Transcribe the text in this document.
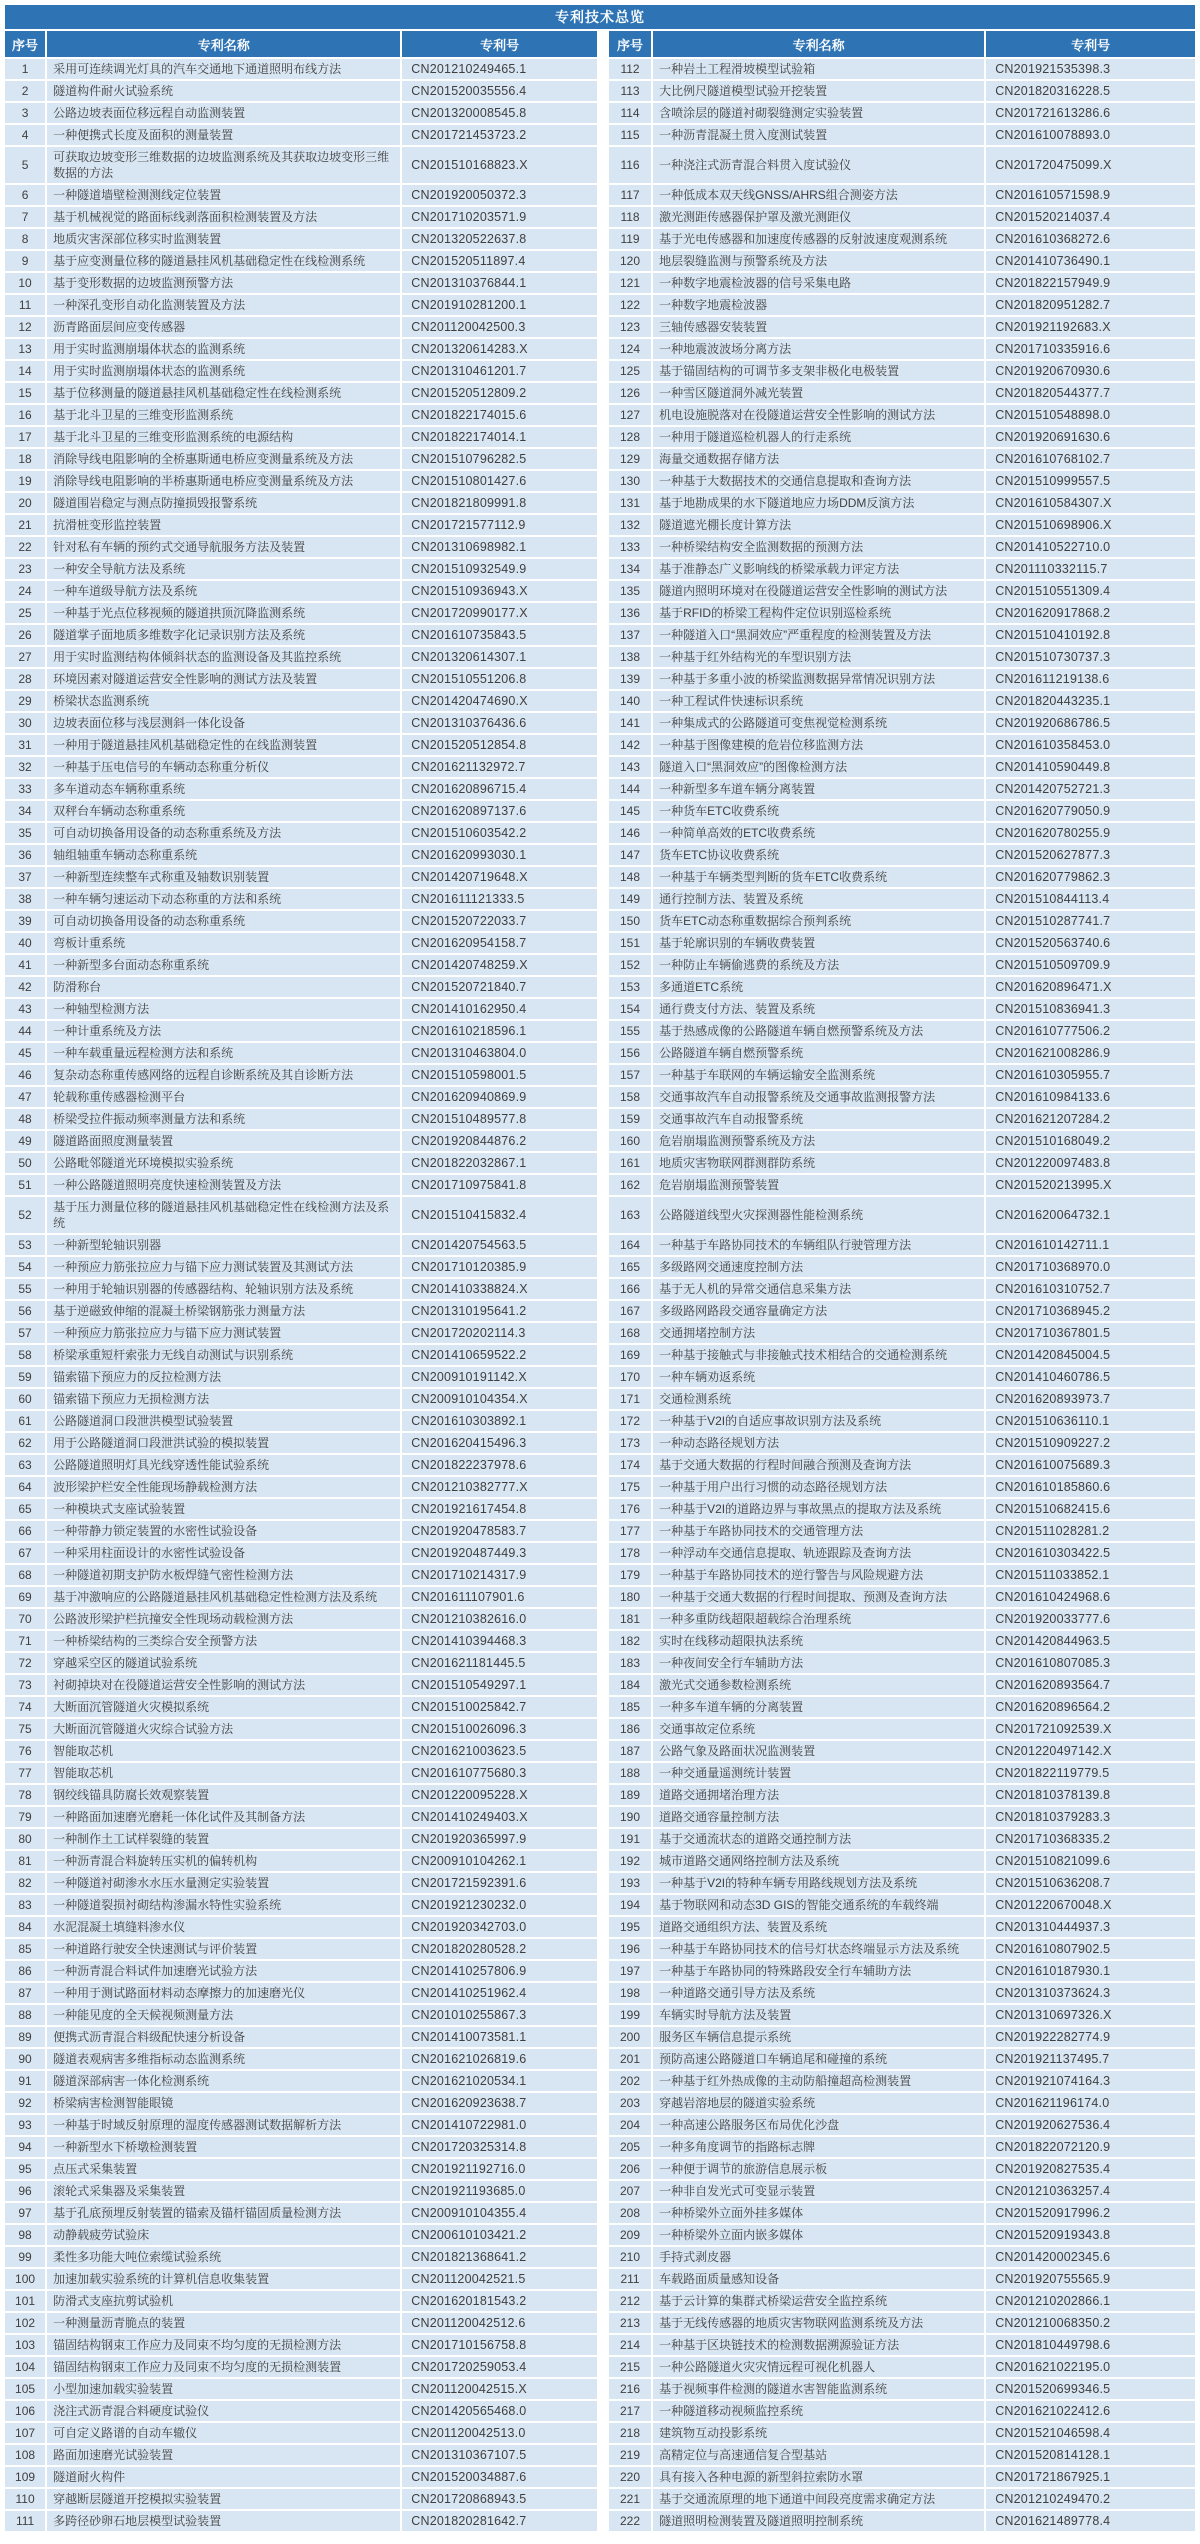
专利技术总览						
序号	专利名称	专利号		序号	专利名称	专利号
1	采用可连续调光灯具的汽车交通地下通道照明布线方法	CN201210249465.1		112	一种岩土工程滑坡模型试验箱	CN201921535398.3
2	隧道构件耐火试验系统	CN201520035556.4		113	大比例尺隧道模型试验开挖装置	CN201820316228.5
3	公路边坡表面位移远程自动监测装置	CN201320008545.8		114	含喷涂层的隧道衬砌裂缝测定实验装置	CN201721613286.6
4	一种便携式长度及面积的测量装置	CN201721453723.2		115	一种沥青混凝土贯入度测试装置	CN201610078893.0
5	可获取边坡变形三维数据的边坡监测系统及其获取边坡变形三维数据的方法	CN201510168823.X		116	一种浇注式沥青混合料贯入度试验仪	CN201720475099.X
6	一种隧道墙壁检测测线定位装置	CN201920050372.3		117	一种低成本双天线GNSS/AHRS组合测姿方法	CN201610571598.9
7	基于机械视觉的路面标线剥落面积检测装置及方法	CN201710203571.9		118	激光测距传感器保护罩及激光测距仪	CN201520214037.4
8	地质灾害深部位移实时监测装置	CN201320522637.8		119	基于光电传感器和加速度传感器的反射波速度观测系统	CN201610368272.6
9	基于应变测量位移的隧道悬挂风机基础稳定性在线检测系统	CN201520511897.4		120	地层裂缝监测与预警系统及方法	CN201410736490.1
10	基于变形数据的边坡监测预警方法	CN201310376844.1		121	一种数字地震检波器的信号采集电路	CN201822157949.9
11	一种深孔变形自动化监测装置及方法	CN201910281200.1		122	一种数字地震检波器	CN201820951282.7
12	沥青路面层间应变传感器	CN201120042500.3		123	三轴传感器安装装置	CN201921192683.X
13	用于实时监测崩塌体状态的监测系统	CN201320614283.X		124	一种地震波波场分离方法	CN201710335916.6
14	用于实时监测崩塌体状态的监测系统	CN201310461201.7		125	基于锚固结构的可调节多支架非极化电极装置	CN201920670930.6
15	基于位移测量的隧道悬挂风机基础稳定性在线检测系统	CN201520512809.2		126	一种雪区隧道洞外减光装置	CN201820544377.7
16	基于北斗卫星的三维变形监测系统	CN201822174015.6		127	机电设施脱落对在役隧道运营安全性影响的测试方法	CN201510548898.0
17	基于北斗卫星的三维变形监测系统的电源结构	CN201822174014.1		128	一种用于隧道巡检机器人的行走系统	CN201920691630.6
18	消除导线电阻影响的全桥惠斯通电桥应变测量系统及方法	CN201510796282.5		129	海量交通数据存储方法	CN201610768102.7
19	消除导线电阻影响的半桥惠斯通电桥应变测量系统及方法	CN201510801427.6		130	一种基于大数据技术的交通信息提取和查询方法	CN201510999557.5
20	隧道围岩稳定与测点防撞损毁报警系统	CN201821809991.8		131	基于地勘成果的水下隧道地应力场DDM反演方法	CN201610584307.X
21	抗滑桩变形监控装置	CN201721577112.9		132	隧道遮光棚长度计算方法	CN201510698906.X
22	针对私有车辆的预约式交通导航服务方法及装置	CN201310698982.1		133	一种桥梁结构安全监测数据的预测方法	CN201410522710.0
23	一种安全导航方法及系统	CN201510932549.9		134	基于准静态广义影响线的桥梁承载力评定方法	CN201110332115.7
24	一种车道级导航方法及系统	CN201510936943.X		135	隧道内照明环境对在役隧道运营安全性影响的测试方法	CN201510551309.4
25	一种基于光点位移视频的隧道拱顶沉降监测系统	CN201720990177.X		136	基于RFID的桥梁工程构件定位识别巡检系统	CN201620917868.2
26	隧道掌子面地质多维数字化记录识别方法及系统	CN201610735843.5		137	一种隧道入口“黑洞效应”严重程度的检测装置及方法	CN201510410192.8
27	用于实时监测结构体倾斜状态的监测设备及其监控系统	CN201320614307.1		138	一种基于红外结构光的车型识别方法	CN201510730737.3
28	环境因素对隧道运营安全性影响的测试方法及装置	CN201510551206.8		139	一种基于多重小波的桥梁监测数据异常情况识别方法	CN201611219138.6
29	桥梁状态监测系统	CN201420474690.X		140	一种工程试件快速标识系统	CN201820443235.1
30	边坡表面位移与浅层测斜一体化设备	CN201310376436.6		141	一种集成式的公路隧道可变焦视觉检测系统	CN201920686786.5
31	一种用于隧道悬挂风机基础稳定性的在线监测装置	CN201520512854.8		142	一种基于图像建模的危岩位移监测方法	CN201610358453.0
32	一种基于压电信号的车辆动态称重分析仪	CN201621132972.7		143	隧道入口“黑洞效应”的图像检测方法	CN201410590449.8
33	多车道动态车辆称重系统	CN201620896715.4		144	一种新型多车道车辆分离装置	CN201420752721.3
34	双秤台车辆动态称重系统	CN201620897137.6		145	一种货车ETC收费系统	CN201620779050.9
35	可自动切换备用设备的动态称重系统及方法	CN201510603542.2		146	一种简单高效的ETC收费系统	CN201620780255.9
36	轴组轴重车辆动态称重系统	CN201620993030.1		147	货车ETC协议收费系统	CN201520627877.3
37	一种新型连续整车式称重及轴数识别装置	CN201420719648.X		148	一种基于车辆类型判断的货车ETC收费系统	CN201620779862.3
38	一种车辆匀速运动下动态称重的方法和系统	CN201611121333.5		149	通行控制方法、装置及系统	CN201510844113.4
39	可自动切换备用设备的动态称重系统	CN201520722033.7		150	货车ETC动态称重数据综合预判系统	CN201510287741.7
40	弯板计重系统	CN201620954158.7		151	基于轮廓识别的车辆收费装置	CN201520563740.6
41	一种新型多台面动态称重系统	CN201420748259.X		152	一种防止车辆偷逃费的系统及方法	CN201510509709.9
42	防滑称台	CN201520721840.7		153	多通道ETC系统	CN201620896471.X
43	一种轴型检测方法	CN201410162950.4		154	通行费支付方法、装置及系统	CN201510836941.3
44	一种计重系统及方法	CN201610218596.1		155	基于热感成像的公路隧道车辆自燃预警系统及方法	CN201610777506.2
45	一种车载重量远程检测方法和系统	CN201310463804.0		156	公路隧道车辆自燃预警系统	CN201621008286.9
46	复杂动态称重传感网络的远程自诊断系统及其自诊断方法	CN201510598001.5		157	一种基于车联网的车辆运输安全监测系统	CN201610305955.7
47	轮载称重传感器检测平台	CN201620940869.9		158	交通事故汽车自动报警系统及交通事故监测报警方法	CN201610984133.6
48	桥梁受拉件振动频率测量方法和系统	CN201510489577.8		159	交通事故汽车自动报警系统	CN201621207284.2
49	隧道路面照度测量装置	CN201920844876.2		160	危岩崩塌监测预警系统及方法	CN201510168049.2
50	公路毗邻隧道光环境模拟实验系统	CN201822032867.1		161	地质灾害物联网群测群防系统	CN201220097483.8
51	一种公路隧道照明亮度快速检测装置及方法	CN201710975841.8		162	危岩崩塌监测预警装置	CN201520213995.X
52	基于压力测量位移的隧道悬挂风机基础稳定性在线检测方法及系统	CN201510415832.4		163	公路隧道线型火灾探测器性能检测系统	CN201620064732.1
53	一种新型轮轴识别器	CN201420754563.5		164	一种基于车路协同技术的车辆组队行驶管理方法	CN201610142711.1
54	一种预应力筋张拉应力与锚下应力测试装置及其测试方法	CN201710120385.9		165	多级路网交通速度控制方法	CN201710368970.0
55	一种用于轮轴识别器的传感器结构、轮轴识别方法及系统	CN201410338824.X		166	基于无人机的异常交通信息采集方法	CN201610310752.7
56	基于逆磁致伸缩的混凝土桥梁钢筋张力测量方法	CN201310195641.2		167	多级路网路段交通容量确定方法	CN201710368945.2
57	一种预应力筋张拉应力与锚下应力测试装置	CN201720202114.3		168	交通拥堵控制方法	CN201710367801.5
58	桥梁承重短杆索张力无线自动测试与识别系统	CN201410659522.2		169	一种基于接触式与非接触式技术相结合的交通检测系统	CN201420845004.5
59	锚索锚下预应力的反拉检测方法	CN200910191142.X		170	一种车辆劝返系统	CN201410460786.5
60	锚索锚下预应力无损检测方法	CN200910104354.X		171	交通检测系统	CN201620893973.7
61	公路隧道洞口段泄洪模型试验装置	CN201610303892.1		172	一种基于V2I的自适应事故识别方法及系统	CN201510636110.1
62	用于公路隧道洞口段泄洪试验的模拟装置	CN201620415496.3		173	一种动态路径规划方法	CN201510909227.2
63	公路隧道照明灯具光线穿透性能试验系统	CN201822237978.6		174	基于交通大数据的行程时间融合预测及查询方法	CN201610075689.3
64	波形梁护栏安全性能现场静载检测方法	CN201210382777.X		175	一种基于用户出行习惯的动态路径规划方法	CN201610185860.6
65	一种模块式支座试验装置	CN201921617454.8		176	一种基于V2I的道路边界与事故黑点的提取方法及系统	CN201510682415.6
66	一种带静力锁定装置的水密性试验设备	CN201920478583.7		177	一种基于车路协同技术的交通管理方法	CN201511028281.2
67	一种采用柱面设计的水密性试验设备	CN201920487449.3		178	一种浮动车交通信息提取、轨迹跟踪及查询方法	CN201610303422.5
68	一种隧道初期支护防水板焊缝气密性检测方法	CN201710214317.9		179	一种基于车路协同技术的逆行警告与风险规避方法	CN201511033852.1
69	基于冲激响应的公路隧道悬挂风机基础稳定性检测方法及系统	CN201611107901.6		180	一种基于交通大数据的行程时间提取、预测及查询方法	CN201610424968.6
70	公路波形梁护栏抗撞安全性现场动载检测方法	CN201210382616.0		181	一种多重防线超限超载综合治理系统	CN201920033777.6
71	一种桥梁结构的三类综合安全预警方法	CN201410394468.3		182	实时在线移动超限执法系统	CN201420844963.5
72	穿越采空区的隧道试验系统	CN201621181445.5		183	一种夜间安全行车辅助方法	CN201610807085.3
73	衬砌掉块对在役隧道运营安全性影响的测试方法	CN201510549297.1		184	激光式交通参数检测系统	CN201620893564.7
74	大断面沉管隧道火灾模拟系统	CN201510025842.7		185	一种多车道车辆的分离装置	CN201620896564.2
75	大断面沉管隧道火灾综合试验方法	CN201510026096.3		186	交通事故定位系统	CN201721092539.X
76	智能取芯机	CN201621003623.5		187	公路气象及路面状况监测装置	CN201220497142.X
77	智能取芯机	CN201610775680.3		188	一种交通量遥测统计装置	CN201822119779.5
78	钢绞线锚具防腐长效观察装置	CN201220095228.X		189	道路交通拥堵治理方法	CN201810378139.8
79	一种路面加速磨光磨耗一体化试件及其制备方法	CN201410249403.X		190	道路交通容量控制方法	CN201810379283.3
80	一种制作土工试样裂缝的装置	CN201920365997.9		191	基于交通流状态的道路交通控制方法	CN201710368335.2
81	一种沥青混合料旋转压实机的偏转机构	CN200910104262.1		192	城市道路交通网络控制方法及系统	CN201510821099.6
82	一种隧道衬砌渗水水压水量测定实验装置	CN201721592391.6		193	一种基于V2I的特种车辆专用路线规划方法及系统	CN201510636208.7
83	一种隧道裂损衬砌结构渗漏水特性实验系统	CN201921230232.0		194	基于物联网和动态3D GIS的智能交通系统的车载终端	CN201220670048.X
84	水泥混凝土填缝料渗水仪	CN201920342703.0		195	道路交通组织方法、装置及系统	CN201310444937.3
85	一种道路行驶安全快速测试与评价装置	CN201820280528.2		196	一种基于车路协同技术的信号灯状态终端显示方法及系统	CN201610807902.5
86	一种沥青混合料试件加速磨光试验方法	CN201410257806.9		197	一种基于车路协同的特殊路段安全行车辅助方法	CN201610187930.1
87	一种用于测试路面材料动态摩擦力的加速磨光仪	CN201410251962.4		198	一种道路交通引导方法及系统	CN201310373624.3
88	一种能见度的全天候视频测量方法	CN201010255867.3		199	车辆实时导航方法及装置	CN201310697326.X
89	便携式沥青混合料级配快速分析设备	CN201410073581.1		200	服务区车辆信息提示系统	CN201922282774.9
90	隧道表观病害多维指标动态监测系统	CN201621026819.6		201	预防高速公路隧道口车辆追尾和碰撞的系统	CN201921137495.7
91	隧道深部病害一体化检测系统	CN201621020534.1		202	一种基于红外热成像的主动防船撞超高检测装置	CN201921074164.3
92	桥梁病害检测智能眼镜	CN201620923638.7		203	穿越岩溶地层的隧道实验系统	CN201621196174.0
93	一种基于时域反射原理的湿度传感器测试数据解析方法	CN201410722981.0		204	一种高速公路服务区布局优化沙盘	CN201920627536.4
94	一种新型水下桥墩检测装置	CN201720325314.8		205	一种多角度调节的指路标志牌	CN201822072120.9
95	点压式采集装置	CN201921192716.0		206	一种便于调节的旅游信息展示板	CN201920827535.4
96	滚轮式采集器及采集装置	CN201921193685.0		207	一种非自发光式可变显示装置	CN201210363257.4
97	基于孔底预埋反射装置的锚索及锚杆锚固质量检测方法	CN200910104355.4		208	一种桥梁外立面外挂多媒体	CN201520917996.2
98	动静载疲劳试验床	CN200610103421.2		209	一种桥梁外立面内嵌多媒体	CN201520919343.8
99	柔性多功能大吨位索缆试验系统	CN201821368641.2		210	手持式剥皮器	CN201420002345.6
100	加速加载实验系统的计算机信息收集装置	CN201120042521.5		211	车载路面质量感知设备	CN201920755565.9
101	防滑式支座抗剪试验机	CN201620181543.2		212	基于云计算的集群式桥梁运营安全监控系统	CN201210202866.1
102	一种测量沥青脆点的装置	CN201120042512.6		213	基于无线传感器的地质灾害物联网监测系统及方法	CN201210068350.2
103	锚固结构钢束工作应力及同束不均匀度的无损检测方法	CN201710156758.8		214	一种基于区块链技术的检测数据溯源验证方法	CN201810449798.6
104	锚固结构钢束工作应力及同束不均匀度的无损检测装置	CN201720259053.4		215	一种公路隧道火灾灾情远程可视化机器人	CN201621022195.0
105	小型加速加载实验装置	CN201120042515.X		216	基于视频事件检测的隧道水害智能监测系统	CN201520699346.5
106	浇注式沥青混合料硬度试验仪	CN201420565468.0		217	一种隧道移动视频监控系统	CN201621022412.6
107	可自定义路谱的自动车辙仪	CN201120042513.0		218	建筑物互动投影系统	CN201521046598.4
108	路面加速磨光试验装置	CN201310367107.5		219	高精定位与高速通信复合型基站	CN201520814128.1
109	隧道耐火构件	CN201520034887.6		220	具有接入各种电源的新型斜拉索防水罩	CN201721867925.1
110	穿越断层隧道开挖模拟实验装置	CN201720868943.5		221	基于交通流原理的地下通道中间段亮度需求确定方法	CN201210249470.2
111	多跨径砂卵石地层模型试验装置	CN201820281642.7		222	隧道照明检测装置及隧道照明控制系统	CN201621489778.4
